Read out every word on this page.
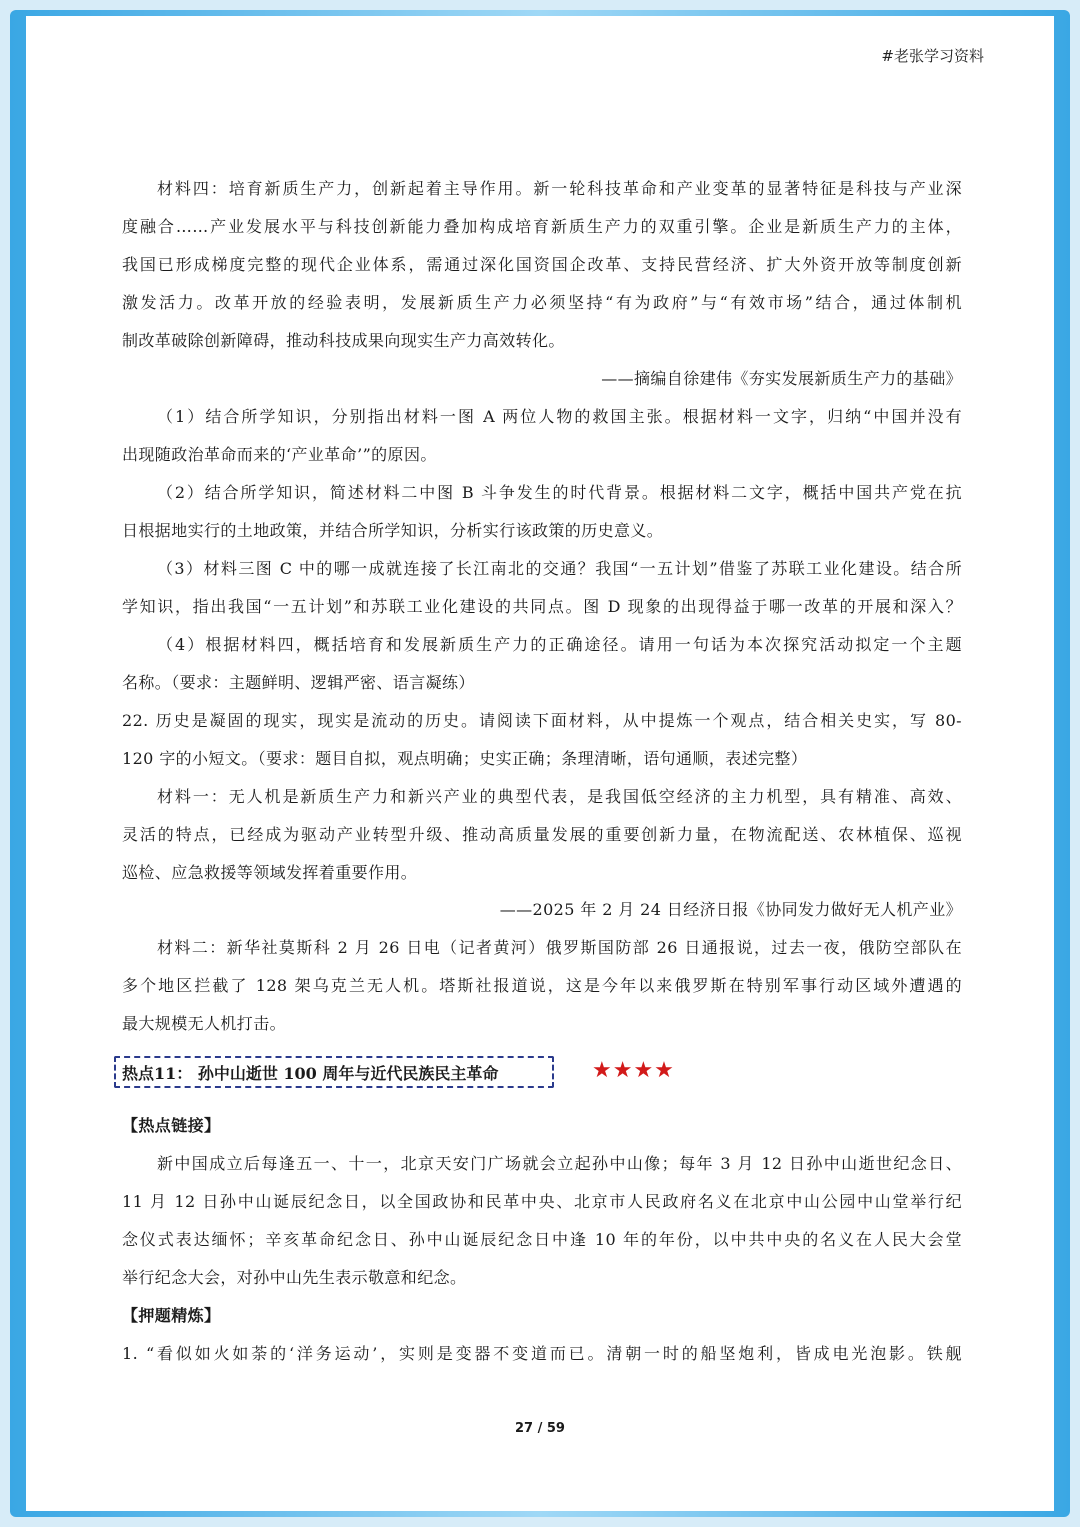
#老张学习资料

材料四：培育新质生产力，创新起着主导作用。新一轮科技革命和产业变革的显著特征是科技与产业深

度融合……产业发展水平与科技创新能力叠加构成培育新质生产力的双重引擎。企业是新质生产力的主体，

我国已形成梯度完整的现代企业体系，需通过深化国资国企改革、支持民营经济、扩大外资开放等制度创新

激发活力。改革开放的经验表明，发展新质生产力必须坚持“有为政府”与“有效市场”结合，通过体制机

制改革破除创新障碍，推动科技成果向现实生产力高效转化。

——摘编自徐建伟《夯实发展新质生产力的基础》

（1）结合所学知识，分别指出材料一图 A 两位人物的救国主张。根据材料一文字，归纳“中国并没有

出现随政治革命而来的‘产业革命’”的原因。

（2）结合所学知识，简述材料二中图 B 斗争发生的时代背景。根据材料二文字，概括中国共产党在抗

日根据地实行的土地政策，并结合所学知识，分析实行该政策的历史意义。

（3）材料三图 C 中的哪一成就连接了长江南北的交通？我国“一五计划”借鉴了苏联工业化建设。结合所

学知识，指出我国“一五计划”和苏联工业化建设的共同点。图 D 现象的出现得益于哪一改革的开展和深入？

（4）根据材料四，概括培育和发展新质生产力的正确途径。请用一句话为本次探究活动拟定一个主题

名称。（要求：主题鲜明、逻辑严密、语言凝练）

22. 历史是凝固的现实，现实是流动的历史。请阅读下面材料，从中提炼一个观点，结合相关史实，写 80-

120 字的小短文。（要求：题目自拟，观点明确；史实正确；条理清晰，语句通顺，表述完整）

材料一：无人机是新质生产力和新兴产业的典型代表，是我国低空经济的主力机型，具有精准、高效、

灵活的特点，已经成为驱动产业转型升级、推动高质量发展的重要创新力量，在物流配送、农林植保、巡视

巡检、应急救援等领域发挥着重要作用。

——2025 年 2 月 24 日经济日报《协同发力做好无人机产业》

材料二：新华社莫斯科 2 月 26 日电（记者黄河）俄罗斯国防部 26 日通报说，过去一夜，俄防空部队在

多个地区拦截了 128 架乌克兰无人机。塔斯社报道说，这是今年以来俄罗斯在特别军事行动区域外遭遇的

最大规模无人机打击。

热点11： 孙中山逝世 100 周年与近代民族民主革命	★★★★

【热点链接】

新中国成立后每逢五一、十一，北京天安门广场就会立起孙中山像；每年 3 月 12 日孙中山逝世纪念日、

11 月 12 日孙中山诞辰纪念日，以全国政协和民革中央、北京市人民政府名义在北京中山公园中山堂举行纪

念仪式表达缅怀；辛亥革命纪念日、孙中山诞辰纪念日中逢 10 年的年份，以中共中央的名义在人民大会堂

举行纪念大会，对孙中山先生表示敬意和纪念。

【押题精炼】

1. “看似如火如荼的‘洋务运动’，实则是变器不变道而已。清朝一时的船坚炮利，皆成电光泡影。铁舰

27 / 59
